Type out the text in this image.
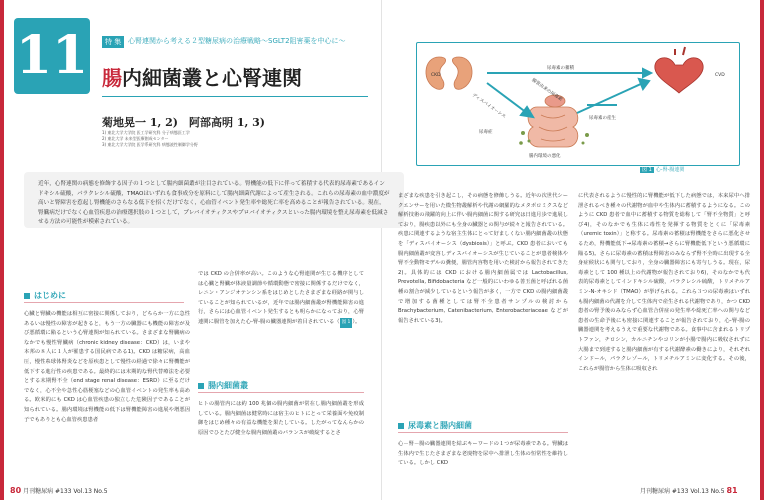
11	特 集 心腎連関から考える２型糖尿病の治療戦略～SGLT2阻害薬を中心に～
腸内細菌叢と心腎連関
菊地晃一 1, 2)　阿部高明 1, 3)
1) 東北大学大学院 医工学研究科 分子病態医工学
2) 東北大学 未来型医療創成センター
3) 東北大学大学院 医学系研究科 病態液性制御学分野
はじめに
心臓と腎臓の機能は相互に密接に関係しており，どちらか一方に急性あるいは慢性の障害が起きると，もう一方の臓器にも機能の障害が及び悪循環に陥るという心腎連関が知られている。さまざまな腎臓病のなかでも慢性腎臓病（chronic kidney disease：CKD）は，いまや本邦の８人に１人が罹患する国民病である1)。CKD は糖尿病，高血圧，慢性糸球体腎炎などを原疾患として慢性の経過で徐々に腎機能が低下する進行性の疾患である。最終的には末期的な腎代替療法を必要とする末期腎不全（end stage renal disease：ESRD）に至るだけでなく，心不全や急性心筋梗塞などの心血管イベントの発生率も高める。欧米的にも CKD は心血管疾患の独立した危険因子であることが知られている。腸内環境は腎機能の低下は腎機能障害の進展や増悪因子でもありとも心血管疾患患者
では CKD の合併率が高い。このような心腎連関が生じる機序としては心臓と腎臓が体液量調節や循環動態で密接に関係するだけでなく，レニン・アンジオテンシン系をはじめとしたさまざまな経路が関与していることが知られているが，近年では腸内細菌叢が腎機能障害の進行，さらには心血管イベント発生するとも明らかになっており，心腎連関に腸管を加えた心-腎-腸の臓器連関が着目されている（ 図 1 ）。
腸内細菌叢
ヒトの腸管内には約 100 兆個の腸内細菌が常在し腸内細菌叢を形成している。腸内細菌は健常時には宿主のヒトにとって栄養面や免疫制御をはじめ種々の有益な機能を果たしている。したがってなんらかの原因でひとたび健全な腸内細菌叢のバランスが破綻するとさ
80 月刊糖尿病 #133 Vol.13 No.5
近年，心腎連関の病態を修飾する因子の１つとして腸内細菌叢が注目されている。腎機能の低下に伴って蓄積する代表的尿毒素であるインドキシル硫酸，パラクレシル硫酸，TMAOはいずれも食事成分を原料にして腸内細菌代謝によって産生される。これらの尿毒素の血中濃度が高いと腎障害を惹起し腎機能のさらなる低下を招くだけでなく，心血管イベント発生率や総死亡率を高めることが報告されている。現在，腎臓病だけでなく心血管疾患の治療選択肢の１つとして，プレバイオティクスやプロバイオティクスといった腸内環境を整え尿毒素を低減させる方法の可能性が模索されている。
CKD	CVD
尿毒素の蓄積
腸管由来の尿毒素
ディスバイオーシス	尿毒素の産生
腸内環境の悪化
尿毒症
図 1 心-腎-腸連関
まざまな疾患を引き起こし，その病態を修飾しうる。近年の次世代シークエンサーを用いた微生物叢解析や代謝の網羅的なメタボロミクスなど解析技術の飛躍的向上に伴い腸内細菌に関する研究は日進月歩で進展しており，腸疾患以外にも全身の臓器との関与が続々と報告されている。疾患に関連するような宿主生体にとって好ましくない腸内細菌叢の状態を「ディスバイオーシス（dysbiosis）」と呼ぶ。CKD 患者においても腸内細菌叢が変容しディスバイオーシスが生じていることが患者検体や腎不全動物モデルの糞便，腸管内容物を用いた検討から報告されてきた2)。具体的には CKD における腸内細菌属では Lactobacillus, Prevotella, Bifidobacteria など一般的にいわゆる善玉菌と呼ばれる菌種の割合が減少しているという報告が多く，一方で CKD の腸内細菌叢で増加する菌種としては腎不全患者サンプルの検討から Brachybacterium, Catenibacterium, Enterobacteriaceae などが報告されている3)。
尿毒素と腸内細菌
心－腎－腸の臓器連関を結ぶキーワードの１つが尿毒素である。腎臓は生体内で生じたさまざまな老廃物を尿中へ排泄し生体の恒常性を維持している。しかし CKD
に代表されるように慢性的に腎機能が低下した病態では，本来尿中へ排泄されるべき種々の代謝物が血中や生体内に蓄積するようになる。このように CKD 患者で血中に蓄積する物質を総称して「腎不全物質」と呼び4)，そのなかでも生体に毒性を発揮する物質をとくに「尿毒素（uremic toxin）」と称する。尿毒素の蓄積は腎機能をさらに悪化させるため，腎機能低下→尿毒素の蓄積→さらに腎機能低下という悪循環に陥る5)。さらに尿毒素の蓄積は腎障害のみならず腎不全時に出現する全身症候状にも関与しており，全身の臓器障害にも寄与しうる。現在，尿毒素として 100 種以上の代謝物が報告されており6)，そのなかでも代表的尿毒素としてインドキシル硫酸，パラクレシル硫酸，トリメチルアミン-N-オキシド（TMAO）が挙げられる。これら３つの尿毒素はいずれも腸内細菌の代謝を介して生体内で産生される代謝物であり，かつ CKD 患者の腎予後のみならず心血管合併症の発生率や総死亡率への関与など患者の生命予後にも密接に関連することが報告されており，心-腎-腸の臓器連関を考えるうえで重要な代謝物である。食事中に含まれるトリプトファン，チロシン，カルニチンやコリンが小腸で腸内に吸収されずに大腸まで到達すると腸内細菌が有する代謝酵素の働きにより，それぞれインドール，パラクレゾール，トリメチルアミンに変化する。その後，これらが腸管から生体に吸収され
月刊糖尿病 #133 Vol.13 No.5 81
